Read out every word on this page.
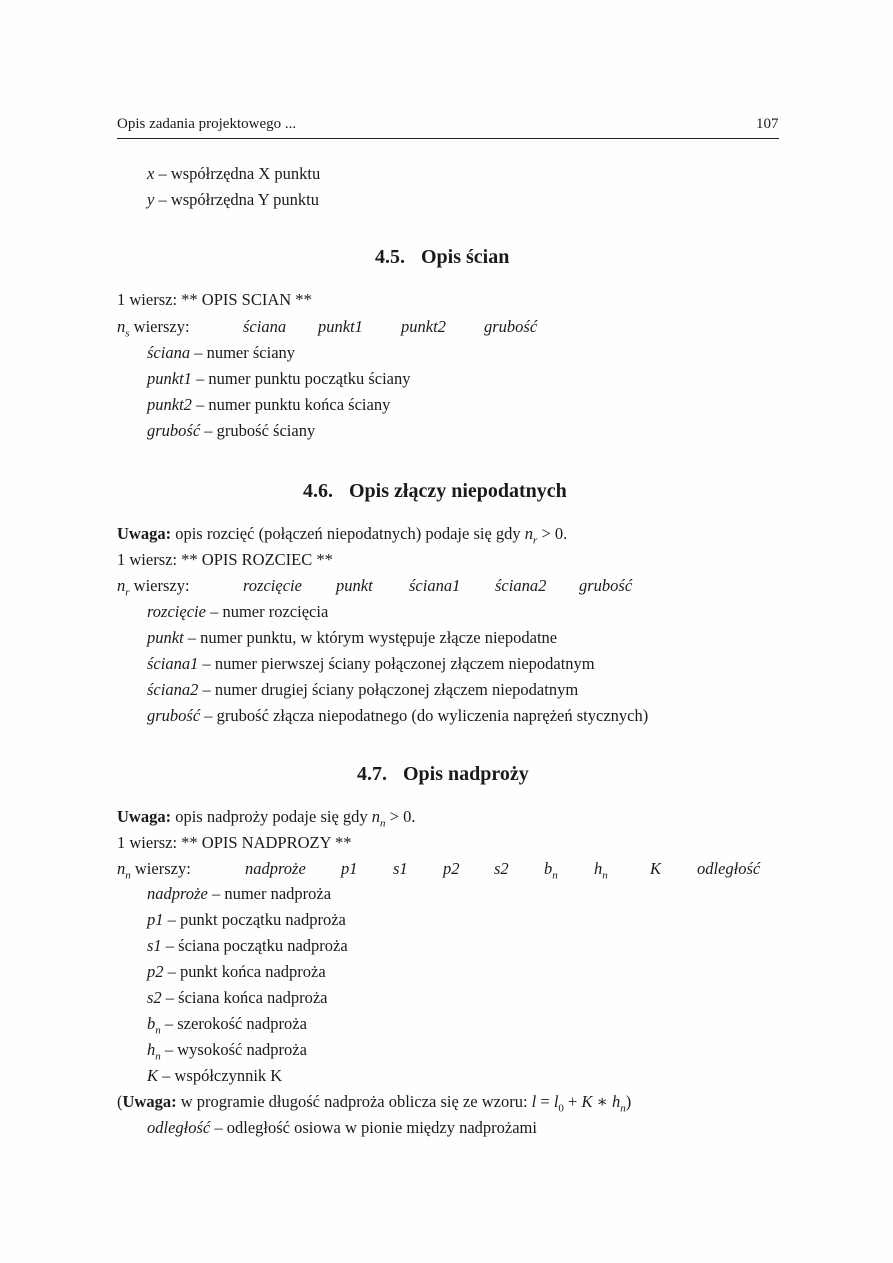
Opis zadania projektowego ...	107
x – współrzędna X punktu
y – współrzędna Y punktu
4.5. Opis ścian
1 wiersz: ** OPIS SCIAN **
$n_s$ wierszy:	ściana punkt1 punkt2 grubość
ściana – numer ściany
punkt1 – numer punktu początku ściany
punkt2 – numer punktu końca ściany
grubość – grubość ściany
4.6. Opis złączy niepodatnych
Uwaga: opis rozcięć (połączeń niepodatnych) podaje się gdy $n_r > 0$.
1 wiersz: ** OPIS ROZCIEC **
$n_r$ wierszy:	rozcięcie punkt ściana1 ściana2 grubość
rozcięcie – numer rozcięcia
punkt – numer punktu, w którym występuje złącze niepodatne
ściana1 – numer pierwszej ściany połączonej złączem niepodatnym
ściana2 – numer drugiej ściany połączonej złączem niepodatnym
grubość – grubość złącza niepodatnego (do wyliczenia naprężeń stycznych)
4.7. Opis nadproży
Uwaga: opis nadproży podaje się gdy $n_n > 0$.
1 wiersz: ** OPIS NADPROZY **
$n_n$ wierszy:	nadproże p1 s1 p2 s2 $b_n$ $h_n$	K odległość
nadproże – numer nadproża
p1 – punkt początku nadproża
s1 – ściana początku nadproża
p2 – punkt końca nadproża
s2 – ściana końca nadproża
$b_n$ – szerokość nadproża
$h_n$ – wysokość nadproża
K – współczynnik K
(Uwaga: w programie długość nadproża oblicza się ze wzoru: $l = l_0 + K$ ∗ $h_n$)
odległość – odległość osiowa w pionie między nadprożami
